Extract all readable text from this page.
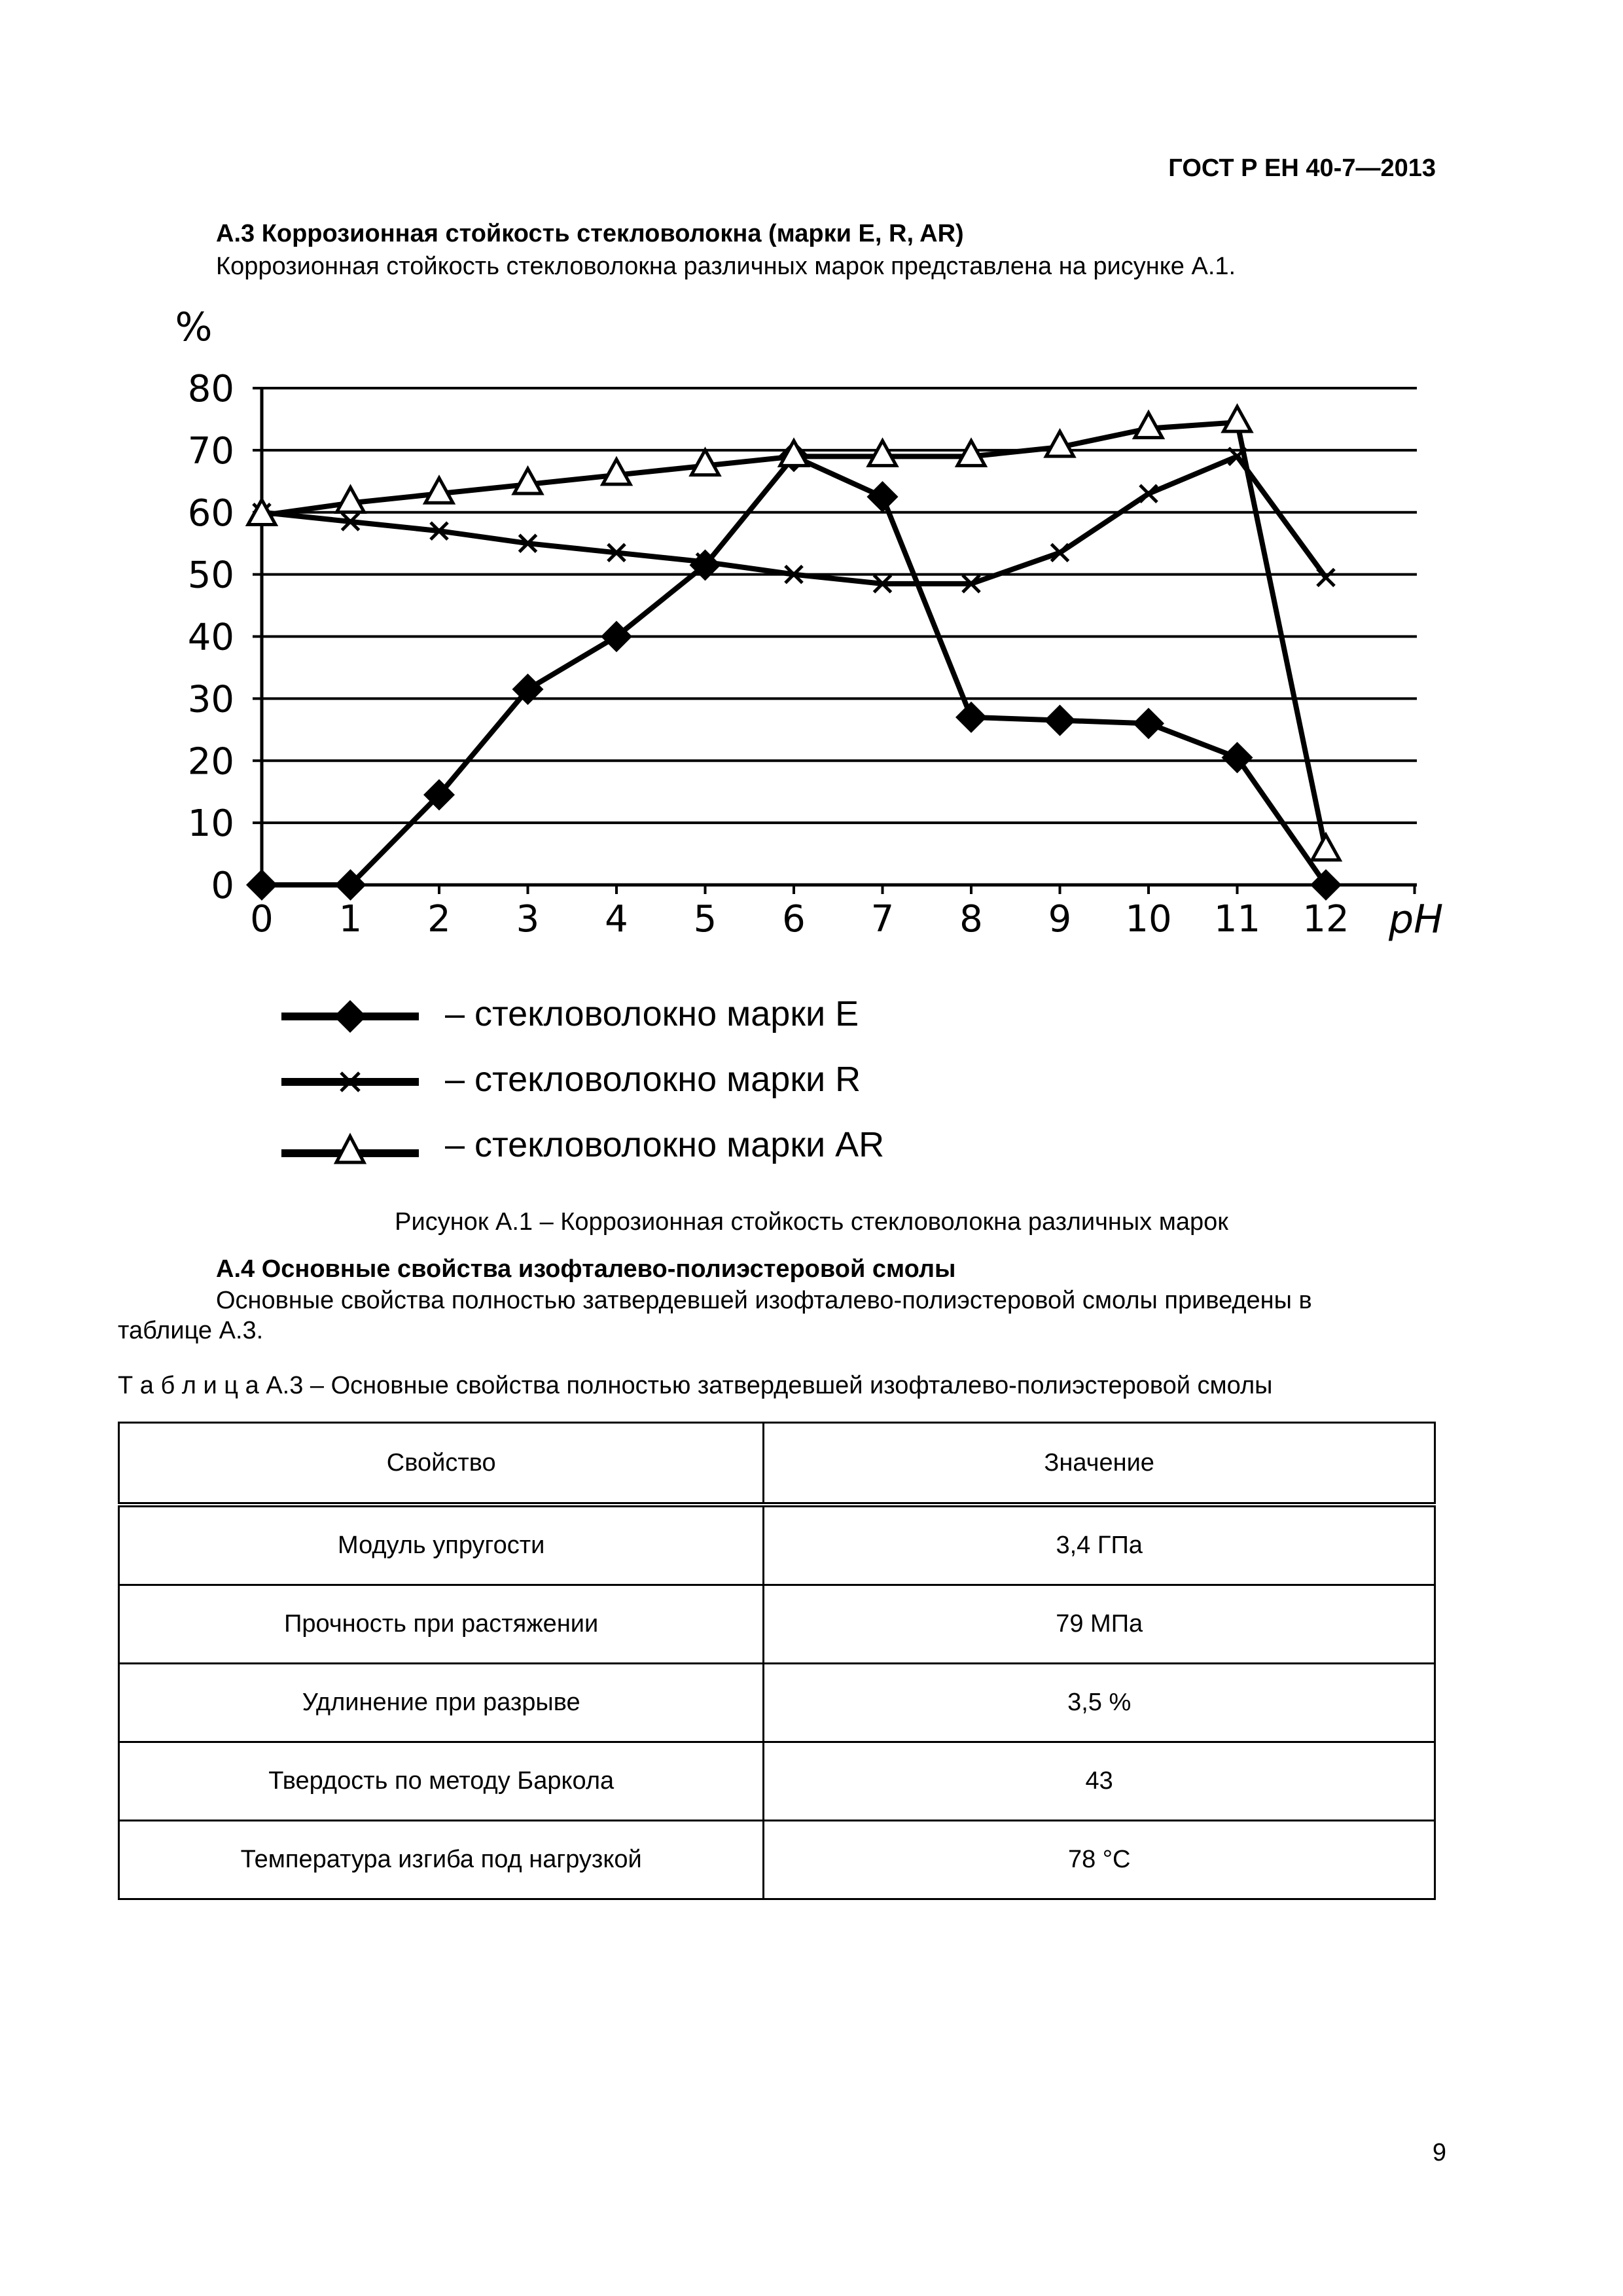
ГОСТ Р ЕН 40-7—2013
А.3 Коррозионная стойкость стекловолокна (марки E, R, AR)
Коррозионная стойкость стекловолокна различных марок представлена на рисунке А.1.
0
10
20
30
40
50
60
70
80
0 1 2 3 4 5 6 7 8 9 10 11 12
%
pH
– стекловолокно марки E
– стекловолокно марки R
– стекловолокно марки AR
Рисунок А.1 – Коррозионная стойкость стекловолокна различных марок
А.4 Основные свойства изофталево-полиэстеровой смолы
Основные свойства полностью затвердевшей изофталево-полиэстеровой смолы приведены в
таблице А.3.
Т а б л и ц а А.3 – Основные свойства полностью затвердевшей изофталево-полиэстеровой смолы
Свойство	Значение
Модуль упругости	3,4 ГПа
Прочность при растяжении	79 МПа
Удлинение при разрыве	3,5 %
Твердость по методу Баркола	43
Температура изгиба под нагрузкой	78 °С
9
